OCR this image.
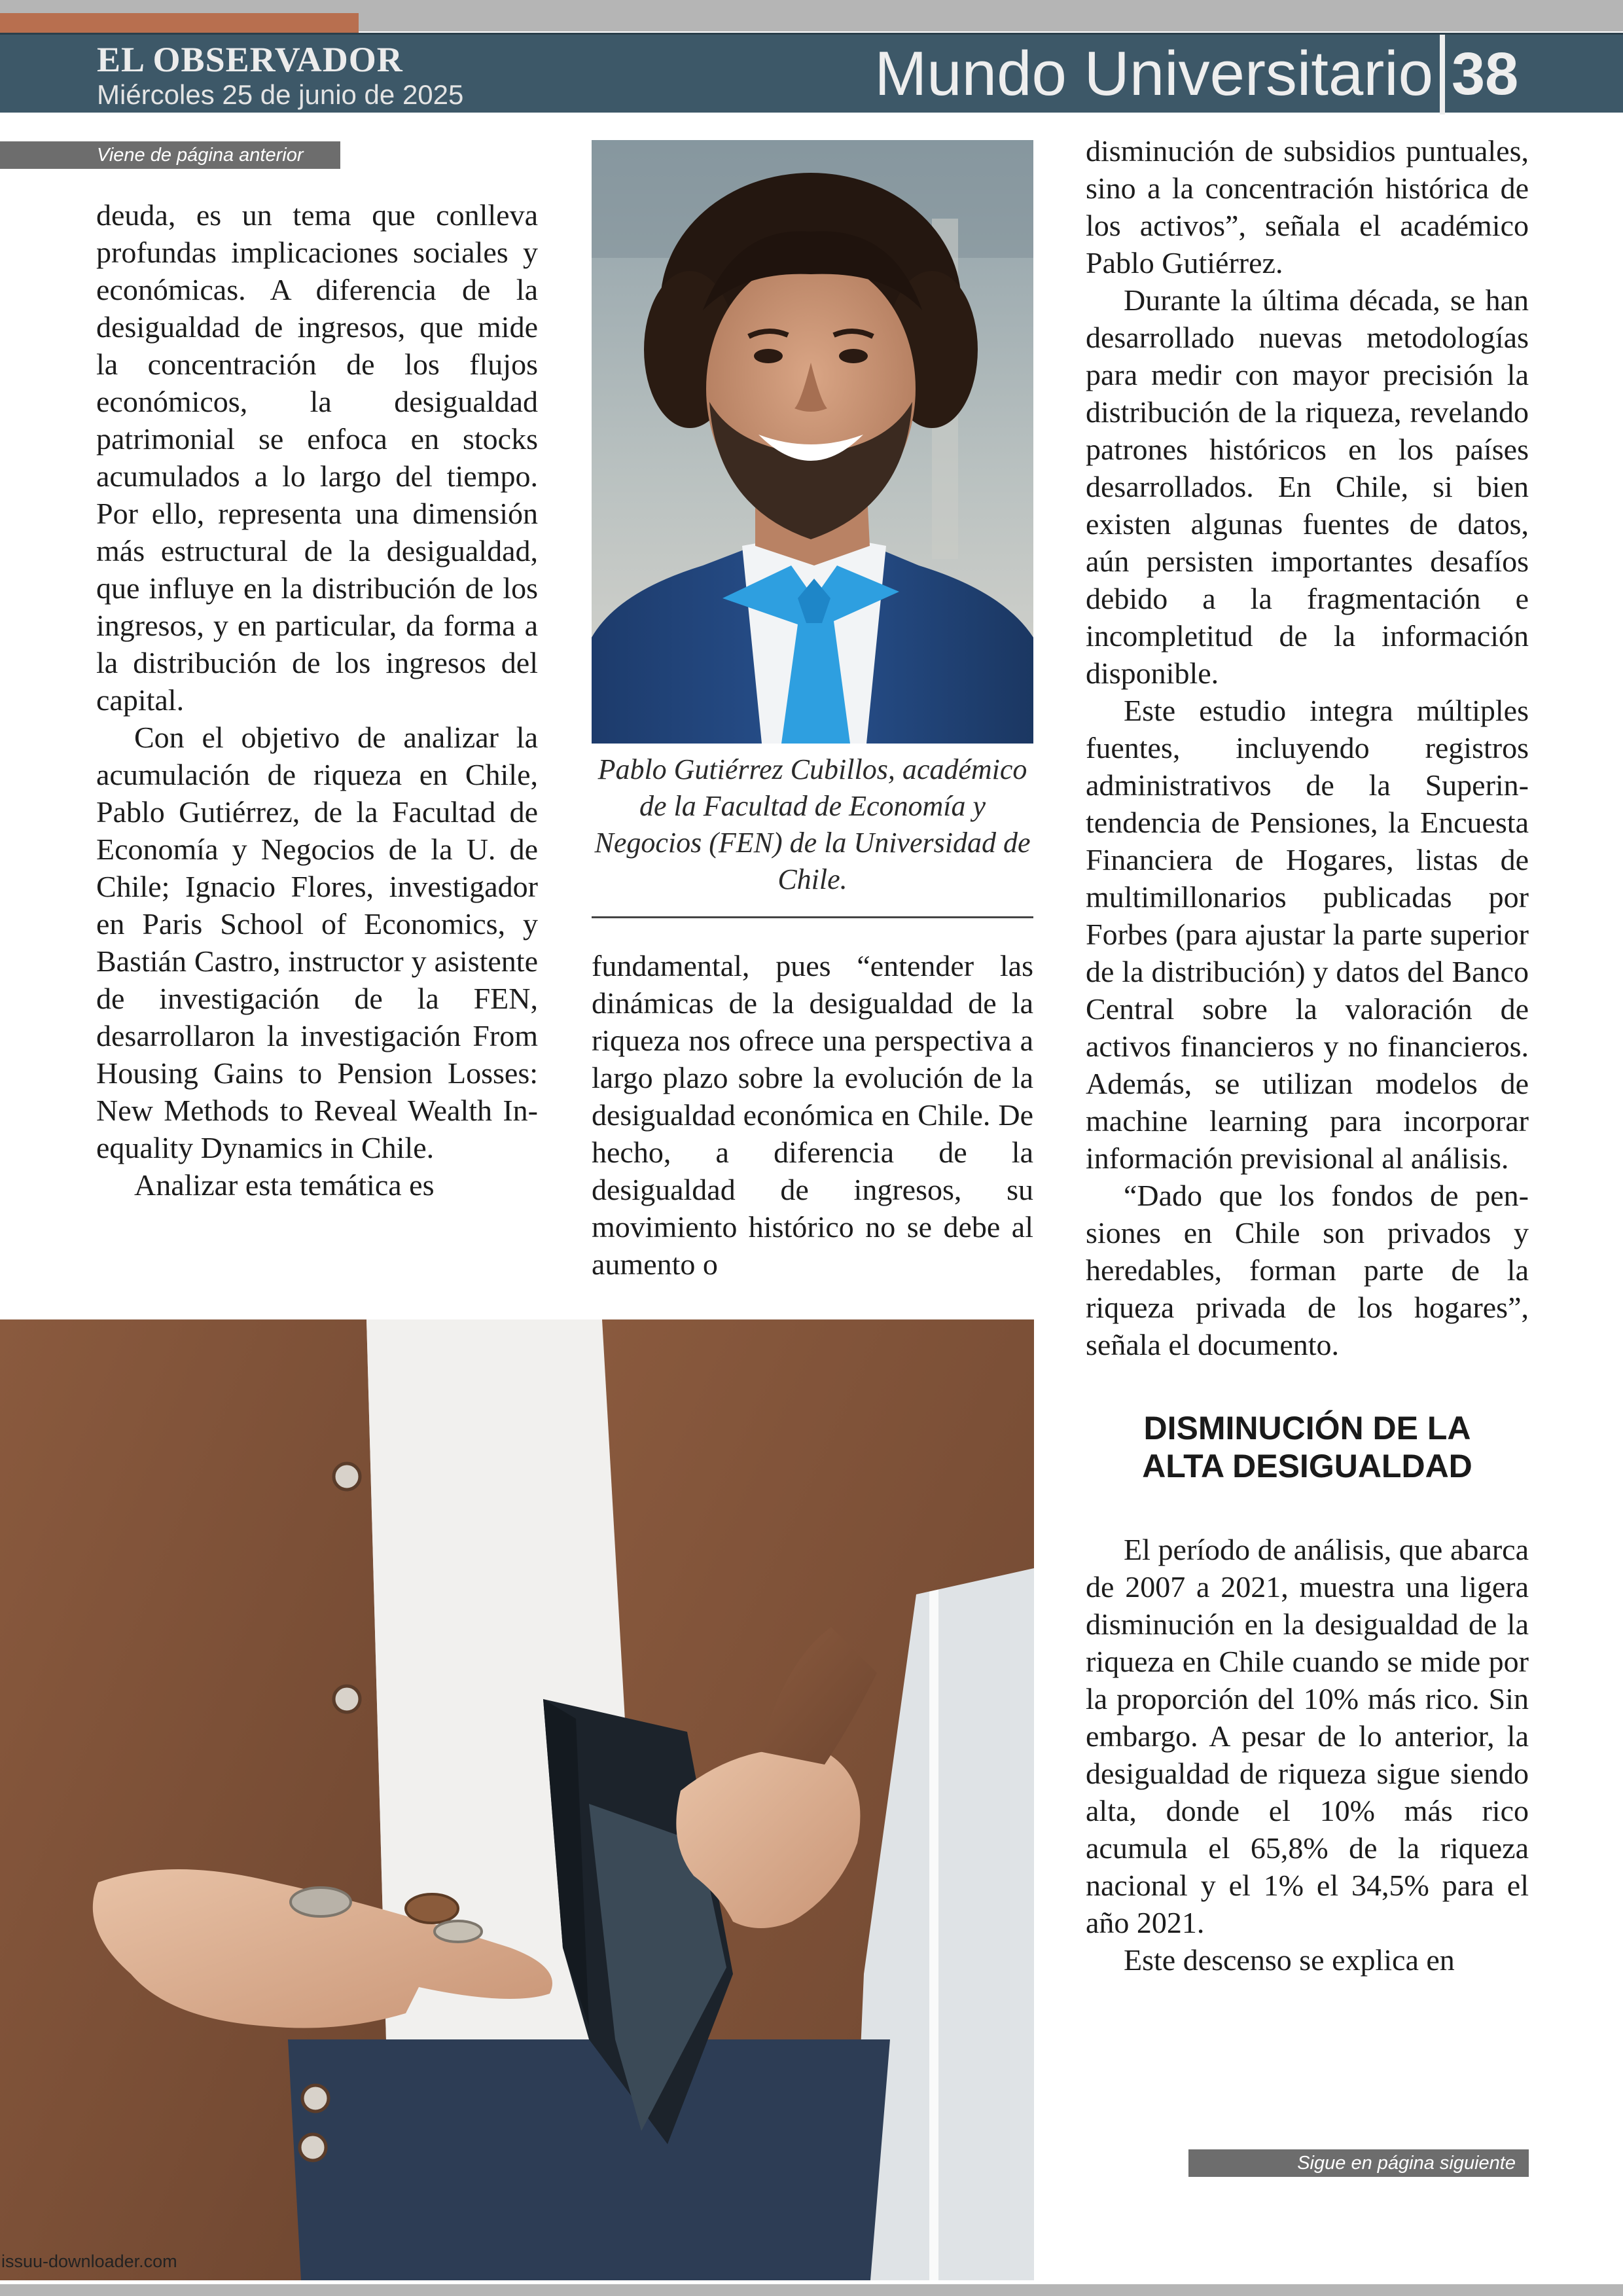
EL OBSERVADOR
Miércoles 25 de junio de 2025	Mundo Universitario 38
Viene de página anterior

deuda, es un tema que conlleva profundas implicaciones sociales y económicas. A diferencia de la desigualdad de ingresos, que mide la concentración de los flujos económicos, la desigualdad patrimonial se enfoca en stocks acumulados a lo largo del tiempo. Por ello, representa una dimensión más estructural de la desigualdad, que influye en la distribución de los ingresos, y en particular, da forma a la distribución de los ingresos del capital.

Con el objetivo de analizar la acumulación de riqueza en Chile, Pablo Gutiérrez, de la Facultad de Economía y Negocios de la U. de Chile; Ignacio Flores, investigador en Paris School of Economics, y Bastián Castro, instructor y asistente de investigación de la FEN, desarrollaron la investigación From Housing Gains to Pension Losses: New Methods to Reveal Wealth Inequality Dynamics in Chile.

Analizar esta temática es

Pablo Gutiérrez Cubillos, académico de la Facultad de Economía y Negocios (FEN) de la Universidad de Chile.

fundamental, pues “entender las dinámicas de la desigualdad de la riqueza nos ofrece una perspectiva a largo plazo sobre la evolución de la desigualdad económica en Chile. De hecho, a diferencia de la desigualdad de ingresos, su movimiento histórico no se debe al aumento o

disminución de subsidios puntuales, sino a la concentración histórica de los activos”, señala el académico Pablo Gutiérrez.

Durante la última década, se han desarrollado nuevas metodologías para medir con mayor precisión la distribución de la riqueza, revelando patrones históricos en los países desarrollados. En Chile, si bien existen algunas fuentes de datos, aún persisten importantes desafíos debido a la fragmentación e incompletitud de la información disponible.

Este estudio integra múltiples fuentes, incluyendo registros administrativos de la Superintendencia de Pensiones, la Encuesta Financiera de Hogares, listas de multimillonarios publicadas por Forbes (para ajustar la parte superior de la distribución) y datos del Banco Central sobre la valoración de activos financieros y no financieros. Además, se utilizan modelos de machine learning para incorporar información previsional al análisis.

“Dado que los fondos de pensiones en Chile son privados y heredables, forman parte de la riqueza privada de los hogares”, señala el documento.

DISMINUCIÓN DE LA
ALTA DESIGUALDAD

El período de análisis, que abarca de 2007 a 2021, muestra una ligera disminución en la desigualdad de la riqueza en Chile cuando se mide por la proporción del 10% más rico. Sin embargo. A pesar de lo anterior, la desigualdad de riqueza sigue siendo alta, donde el 10% más rico acumula el 65,8% de la riqueza nacional y el 1% el 34,5% para el año 2021.

Este descenso se explica en

Sigue en página siguiente
issuu-downloader.com
